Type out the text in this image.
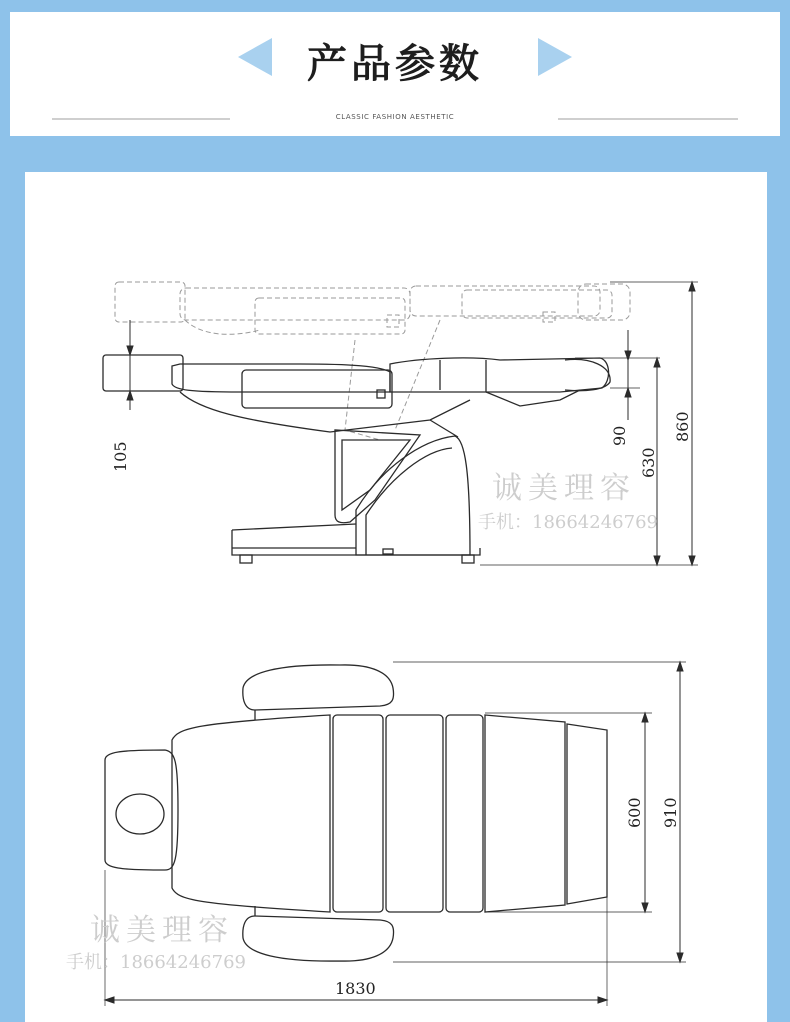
产品参数
CLASSIC FASHION AESTHETIC
105
90
630
860
600 910
1830
诚美理容
手机：18664246769
诚美理容
手机：18664246769
